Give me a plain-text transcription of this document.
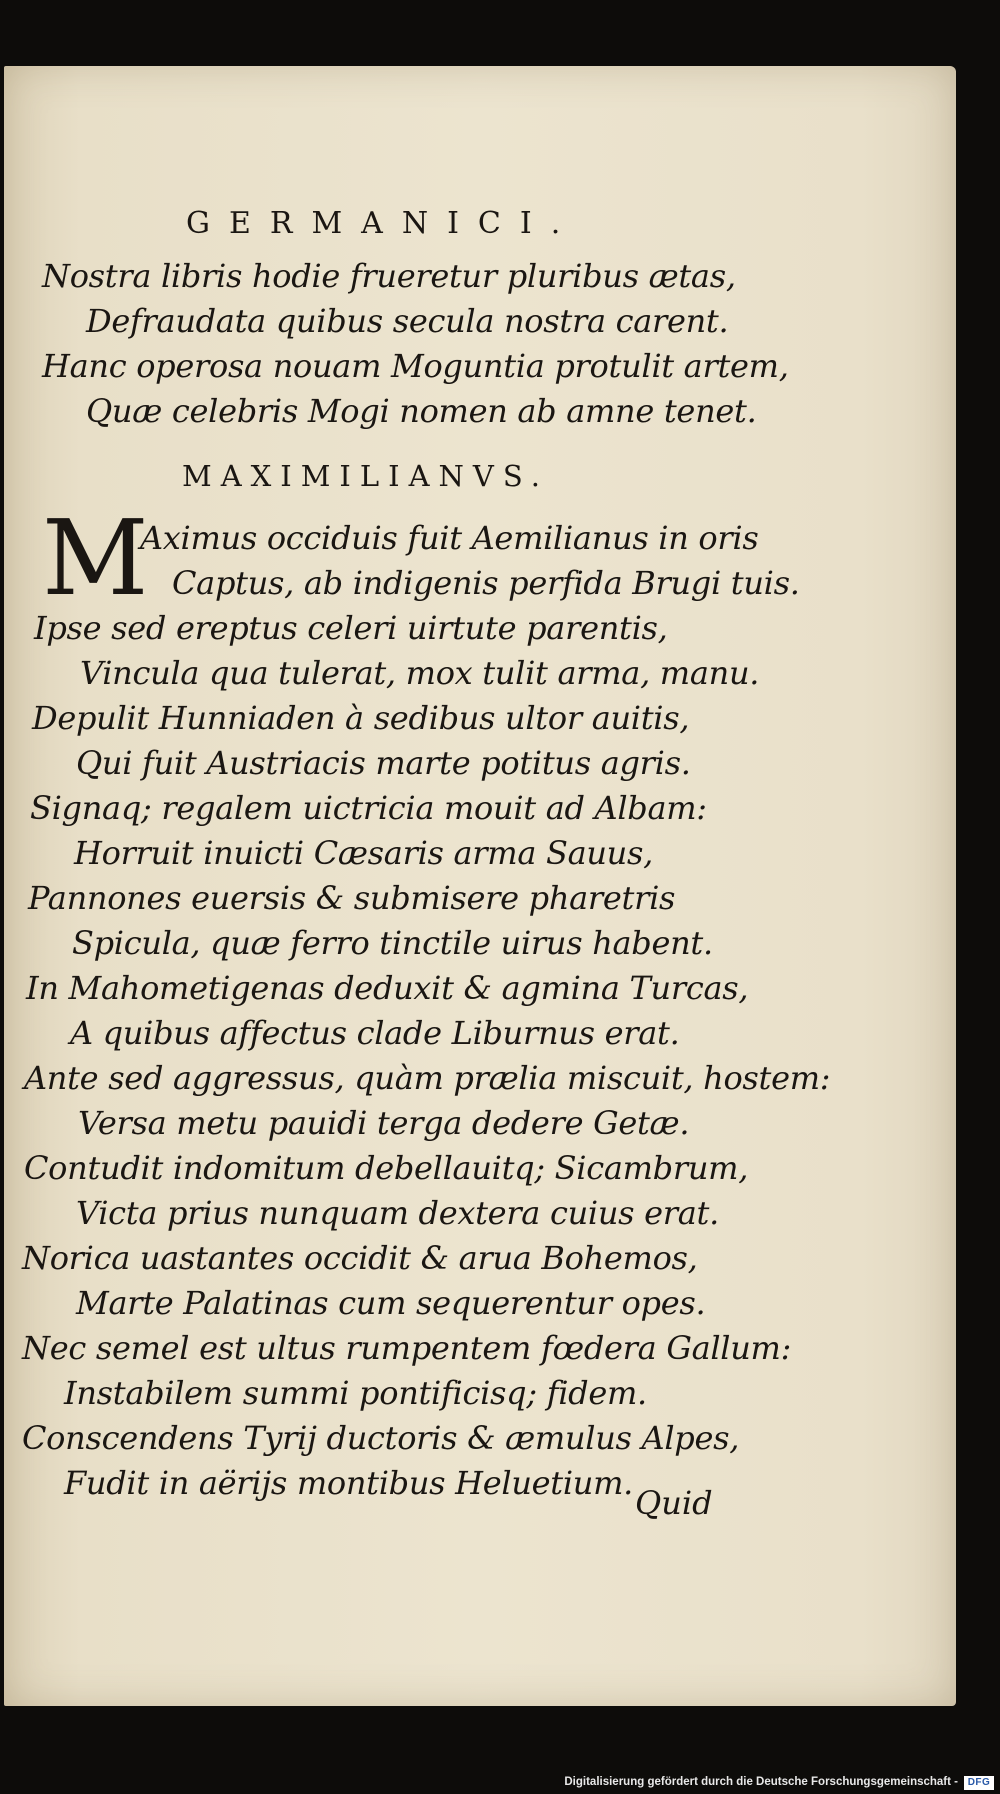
GERMANICI.
Nostra libris hodie frueretur pluribus ætas,
Defraudata quibus secula nostra carent.
Hanc operosa nouam Moguntia protulit artem,
Quæ celebris Mogi nomen ab amne tenet.
MAXIMILIANVS.
M
Aximus occiduis fuit Aemilianus in oris
Captus, ab indigenis perfida Brugi tuis.
Ipse sed ereptus celeri uirtute parentis,
Vincula qua tulerat, mox tulit arma, manu.
Depulit Hunniaden à sedibus ultor auitis,
Qui fuit Austriacis marte potitus agris.
Signaq; regalem uictricia mouit ad Albam:
Horruit inuicti Cæsaris arma Sauus,
Pannones euersis & submisere pharetris
Spicula, quæ ferro tinctile uirus habent.
In Mahometigenas deduxit & agmina Turcas,
A quibus affectus clade Liburnus erat.
Ante sed aggressus, quàm prælia miscuit, hostem:
Versa metu pauidi terga dedere Getæ.
Contudit indomitum debellauitq; Sicambrum,
Victa prius nunquam dextera cuius erat.
Norica uastantes occidit & arua Bohemos,
Marte Palatinas cum sequerentur opes.
Nec semel est ultus rumpentem fœdera Gallum:
Instabilem summi pontificisq; fidem.
Conscendens Tyrij ductoris & æmulus Alpes,
Fudit in aërijs montibus Heluetium.
Quid
Digitalisierung gefördert durch die Deutsche Forschungsgemeinschaft - DFG
